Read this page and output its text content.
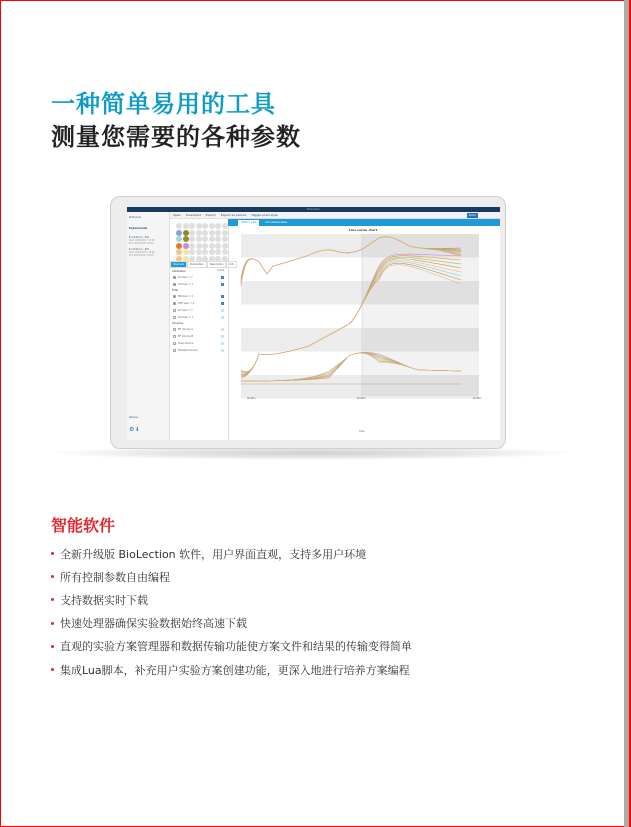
一种简单易用的工具
测量您需要的各种参数
BioLection
Protocols
Experiments
E-coli 04.2.1 - 402
Start 06/03/2017 13:06
End 06/03/2017 18:08
E-coli 04.2.1 - 401
Start 06/03/2017 13:06
End 06/03/2017 18:08
Device
⚙ ℹ
Open Download Export Export as picture Toggle point style	Zoom
History plot	Cumulative table
Channels	Parameters	Description	Info
Y-Axis
Calibrated
pH Gain = 7
DO Gain = 7
Filter
BM Gain = 2
MFP Gain = 4
pH Gain = 7
DO Gain = 7
Volumes
BF Volume A
BF Volume B
Feed Volume
Pipetted Volume
Line series chart
0h:00m	0h:00m	0h:00m
Time
智能软件
全新升级版 BioLection 软件，用户界面直观，支持多用户环境
所有控制参数自由编程
支持数据实时下载
快速处理器确保实验数据始终高速下载
直观的实验方案管理器和数据传输功能使方案文件和结果的传输变得简单
集成Lua脚本，补充用户实验方案创建功能，更深入地进行培养方案编程
